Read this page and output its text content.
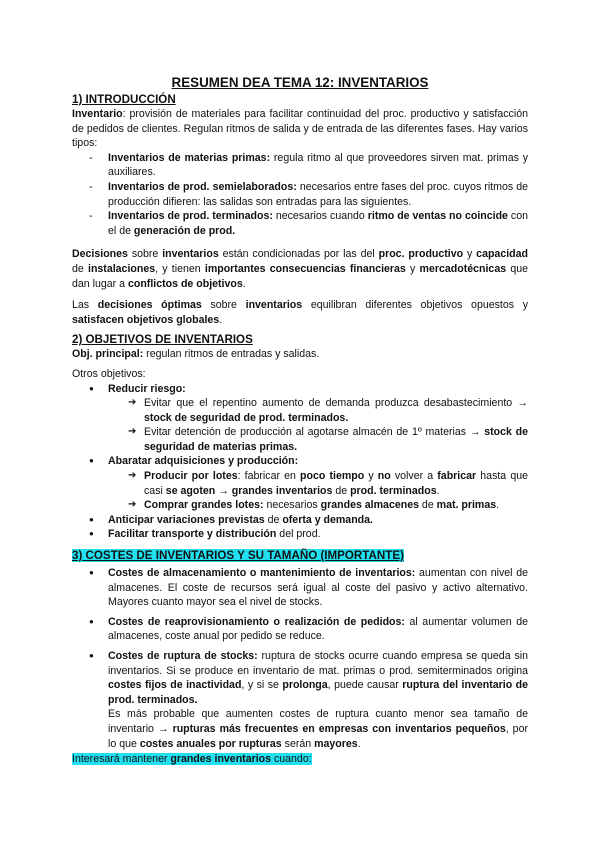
RESUMEN DEA TEMA 12: INVENTARIOS
1) INTRODUCCIÓN

Inventario: provisión de materiales para facilitar continuidad del proc. productivo y satisfacción de pedidos de clientes. Regulan ritmos de salida y de entrada de las diferentes fases. Hay varios tipos:

- Inventarios de materias primas: regula ritmo al que proveedores sirven mat. primas y auxiliares.
- Inventarios de prod. semielaborados: necesarios entre fases del proc. cuyos ritmos de producción difieren: las salidas son entradas para las siguientes.
- Inventarios de prod. terminados: necesarios cuando ritmo de ventas no coincide con el de generación de prod.

Decisiones sobre inventarios están condicionadas por las del proc. productivo y capacidad de instalaciones, y tienen importantes consecuencias financieras y mercadotécnicas que dan lugar a conflictos de objetivos.

Las decisiones óptimas sobre inventarios equilibran diferentes objetivos opuestos y satisfacen objetivos globales.

2) OBJETIVOS DE INVENTARIOS

Obj. principal: regulan ritmos de entradas y salidas.

Otros objetivos:

● Reducir riesgo:
➔ Evitar que el repentino aumento de demanda produzca desabastecimiento → stock de seguridad de prod. terminados.
➔ Evitar detención de producción al agotarse almacén de 1º materias → stock de seguridad de materias primas.
● Abaratar adquisiciones y producción:
➔ Producir por lotes: fabricar en poco tiempo y no volver a fabricar hasta que casi se agoten → grandes inventarios de prod. terminados.
➔ Comprar grandes lotes: necesarios grandes almacenes de mat. primas.
● Anticipar variaciones previstas de oferta y demanda.
● Facilitar transporte y distribución del prod.
3) COSTES DE INVENTARIOS Y SU TAMAÑO (IMPORTANTE)
● Costes de almacenamiento o mantenimiento de inventarios: aumentan con nivel de almacenes. El coste de recursos será igual al coste del pasivo y activo alternativo. Mayores cuanto mayor sea el nivel de stocks.
● Costes de reaprovisionamiento o realización de pedidos: al aumentar volumen de almacenes, coste anual por pedido se reduce.
● Costes de ruptura de stocks: ruptura de stocks ocurre cuando empresa se queda sin inventarios. Si se produce en inventario de mat. primas o prod. semiterminados origina costes fijos de inactividad, y si se prolonga, puede causar ruptura del inventario de prod. terminados.
Es más probable que aumenten costes de ruptura cuanto menor sea tamaño de inventario → rupturas más frecuentes en empresas con inventarios pequeños, por lo que costes anuales por rupturas serán mayores.

Interesará mantener grandes inventarios cuando:
